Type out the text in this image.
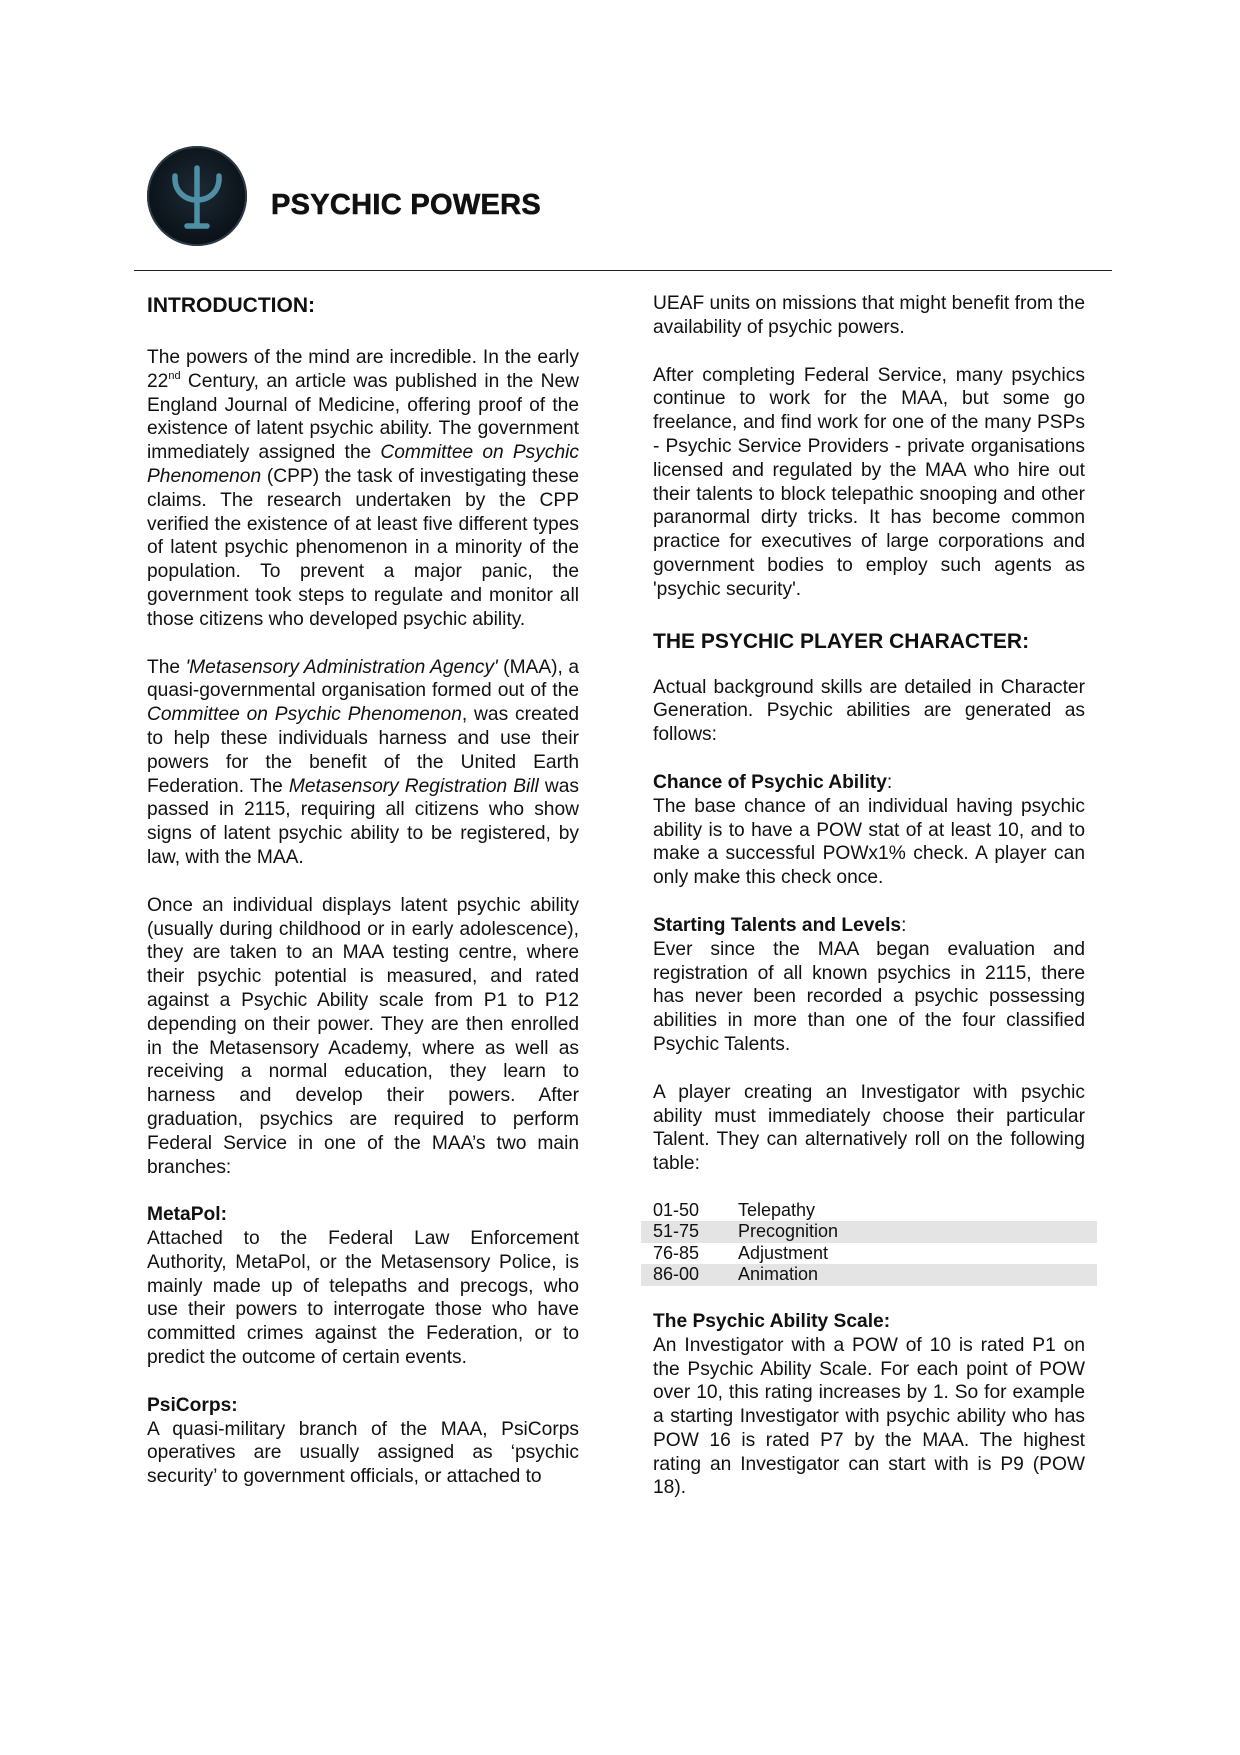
PSYCHIC POWERS
INTRODUCTION:

The powers of the mind are incredible. In the early 22nd Century, an article was published in the New England Journal of Medicine, offering proof of the existence of latent psychic ability. The government immediately assigned the Committee on Psychic Phenomenon (CPP) the task of investigating these claims. The research undertaken by the CPP verified the existence of at least five different types of latent psychic phenomenon in a minority of the population. To prevent a major panic, the government took steps to regulate and monitor all those citizens who developed psychic ability.

The 'Metasensory Administration Agency' (MAA), a quasi-governmental organisation formed out of the Committee on Psychic Phenomenon, was created to help these individuals harness and use their powers for the benefit of the United Earth Federation. The Metasensory Registration Bill was passed in 2115, requiring all citizens who show signs of latent psychic ability to be registered, by law, with the MAA.

Once an individual displays latent psychic ability (usually during childhood or in early adolescence), they are taken to an MAA testing centre, where their psychic potential is measured, and rated against a Psychic Ability scale from P1 to P12 depending on their power. They are then enrolled in the Metasensory Academy, where as well as receiving a normal education, they learn to harness and develop their powers. After graduation, psychics are required to perform Federal Service in one of the MAA’s two main branches:

MetaPol:
Attached to the Federal Law Enforcement Authority, MetaPol, or the Metasensory Police, is mainly made up of telepaths and precogs, who use their powers to interrogate those who have committed crimes against the Federation, or to predict the outcome of certain events.

PsiCorps:
A quasi-military branch of the MAA, PsiCorps operatives are usually assigned as ‘psychic security’ to government officials, or attached to

UEAF units on missions that might benefit from the availability of psychic powers.

After completing Federal Service, many psychics continue to work for the MAA, but some go freelance, and find work for one of the many PSPs - Psychic Service Providers - private organisations licensed and regulated by the MAA who hire out their talents to block telepathic snooping and other paranormal dirty tricks. It has become common practice for executives of large corporations and government bodies to employ such agents as 'psychic security'.

THE PSYCHIC PLAYER CHARACTER:

Actual background skills are detailed in Character Generation. Psychic abilities are generated as follows:

Chance of Psychic Ability:
The base chance of an individual having psychic ability is to have a POW stat of at least 10, and to make a successful POWx1% check. A player can only make this check once.

Starting Talents and Levels:
Ever since the MAA began evaluation and registration of all known psychics in 2115, there has never been recorded a psychic possessing abilities in more than one of the four classified Psychic Talents.

A player creating an Investigator with psychic ability must immediately choose their particular Talent. They can alternatively roll on the following table:

01-50	Telepathy
51-75	Precognition
76-85	Adjustment
86-00	Animation

The Psychic Ability Scale:
An Investigator with a POW of 10 is rated P1 on the Psychic Ability Scale. For each point of POW over 10, this rating increases by 1. So for example a starting Investigator with psychic ability who has POW 16 is rated P7 by the MAA. The highest rating an Investigator can start with is P9 (POW 18).
